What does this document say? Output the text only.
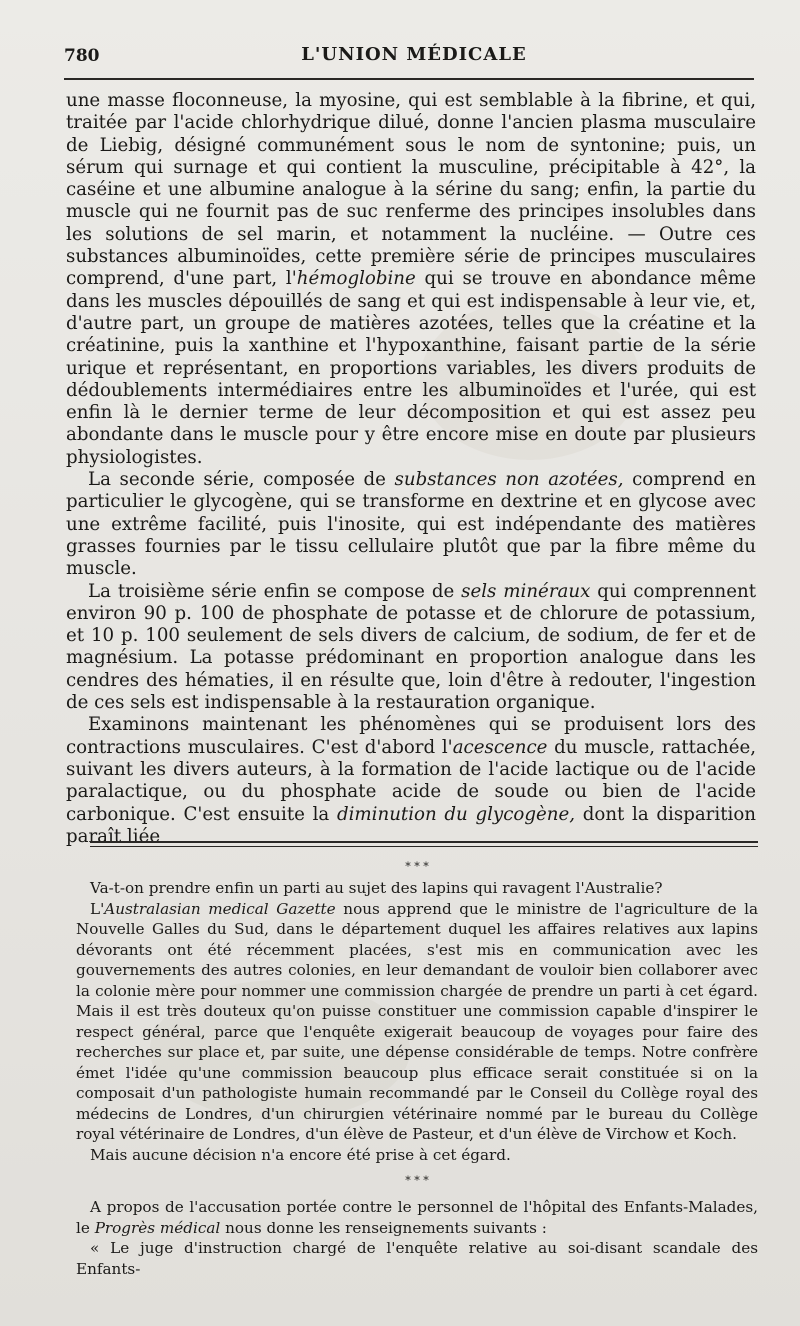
780	L'UNION MÉDICALE

une masse floconneuse, la myosine, qui est semblable à la fibrine, et qui, traitée par l'acide chlorhydrique dilué, donne l'ancien plasma musculaire de Liebig, désigné communément sous le nom de syntonine; puis, un sérum qui surnage et qui contient la musculine, précipitable à 42°, la caséine et une albumine analogue à la sérine du sang; enfin, la partie du muscle qui ne fournit pas de suc renferme des principes insolubles dans les solutions de sel marin, et notamment la nucléine. — Outre ces substances albuminoïdes, cette première série de principes musculaires comprend, d'une part, l'hémoglobine qui se trouve en abondance même dans les muscles dépouillés de sang et qui est indispensable à leur vie, et, d'autre part, un groupe de matières azotées, telles que la créatine et la créatinine, puis la xanthine et l'hypoxanthine, faisant partie de la série urique et représentant, en proportions variables, les divers produits de dédoublements intermédiaires entre les albuminoïdes et l'urée, qui est enfin là le dernier terme de leur décomposition et qui est assez peu abondante dans le muscle pour y être encore mise en doute par plusieurs physiologistes.

La seconde série, composée de substances non azotées, comprend en particulier le glycogène, qui se transforme en dextrine et en glycose avec une extrême facilité, puis l'inosite, qui est indépendante des matières grasses fournies par le tissu cellulaire plutôt que par la fibre même du muscle.

La troisième série enfin se compose de sels minéraux qui comprennent environ 90 p. 100 de phosphate de potasse et de chlorure de potassium, et 10 p. 100 seulement de sels divers de calcium, de sodium, de fer et de magnésium. La potasse prédominant en proportion analogue dans les cendres des hématies, il en résulte que, loin d'être à redouter, l'ingestion de ces sels est indispensable à la restauration organique.

Examinons maintenant les phénomènes qui se produisent lors des contractions musculaires. C'est d'abord l'acescence du muscle, rattachée, suivant les divers auteurs, à la formation de l'acide lactique ou de l'acide paralactique, ou du phosphate acide de soude ou bien de l'acide carbonique. C'est ensuite la diminution du glycogène, dont la disparition paraît liée

* * *

Va-t-on prendre enfin un parti au sujet des lapins qui ravagent l'Australie?

L'Australasian medical Gazette nous apprend que le ministre de l'agriculture de la Nouvelle Galles du Sud, dans le département duquel les affaires relatives aux lapins dévorants ont été récemment placées, s'est mis en communication avec les gouvernements des autres colonies, en leur demandant de vouloir bien collaborer avec la colonie mère pour nommer une commission chargée de prendre un parti à cet égard. Mais il est très douteux qu'on puisse constituer une commission capable d'inspirer le respect général, parce que l'enquête exigerait beaucoup de voyages pour faire des recherches sur place et, par suite, une dépense considérable de temps. Notre confrère émet l'idée qu'une commission beaucoup plus efficace serait constituée si on la composait d'un pathologiste humain recommandé par le Conseil du Collège royal des médecins de Londres, d'un chirurgien vétérinaire nommé par le bureau du Collège royal vétérinaire de Londres, d'un élève de Pasteur, et d'un élève de Virchow et Koch.

Mais aucune décision n'a encore été prise à cet égard.

* * *

A propos de l'accusation portée contre le personnel de l'hôpital des Enfants-Malades, le Progrès médical nous donne les renseignements suivants :

« Le juge d'instruction chargé de l'enquête relative au soi-disant scandale des Enfants-
